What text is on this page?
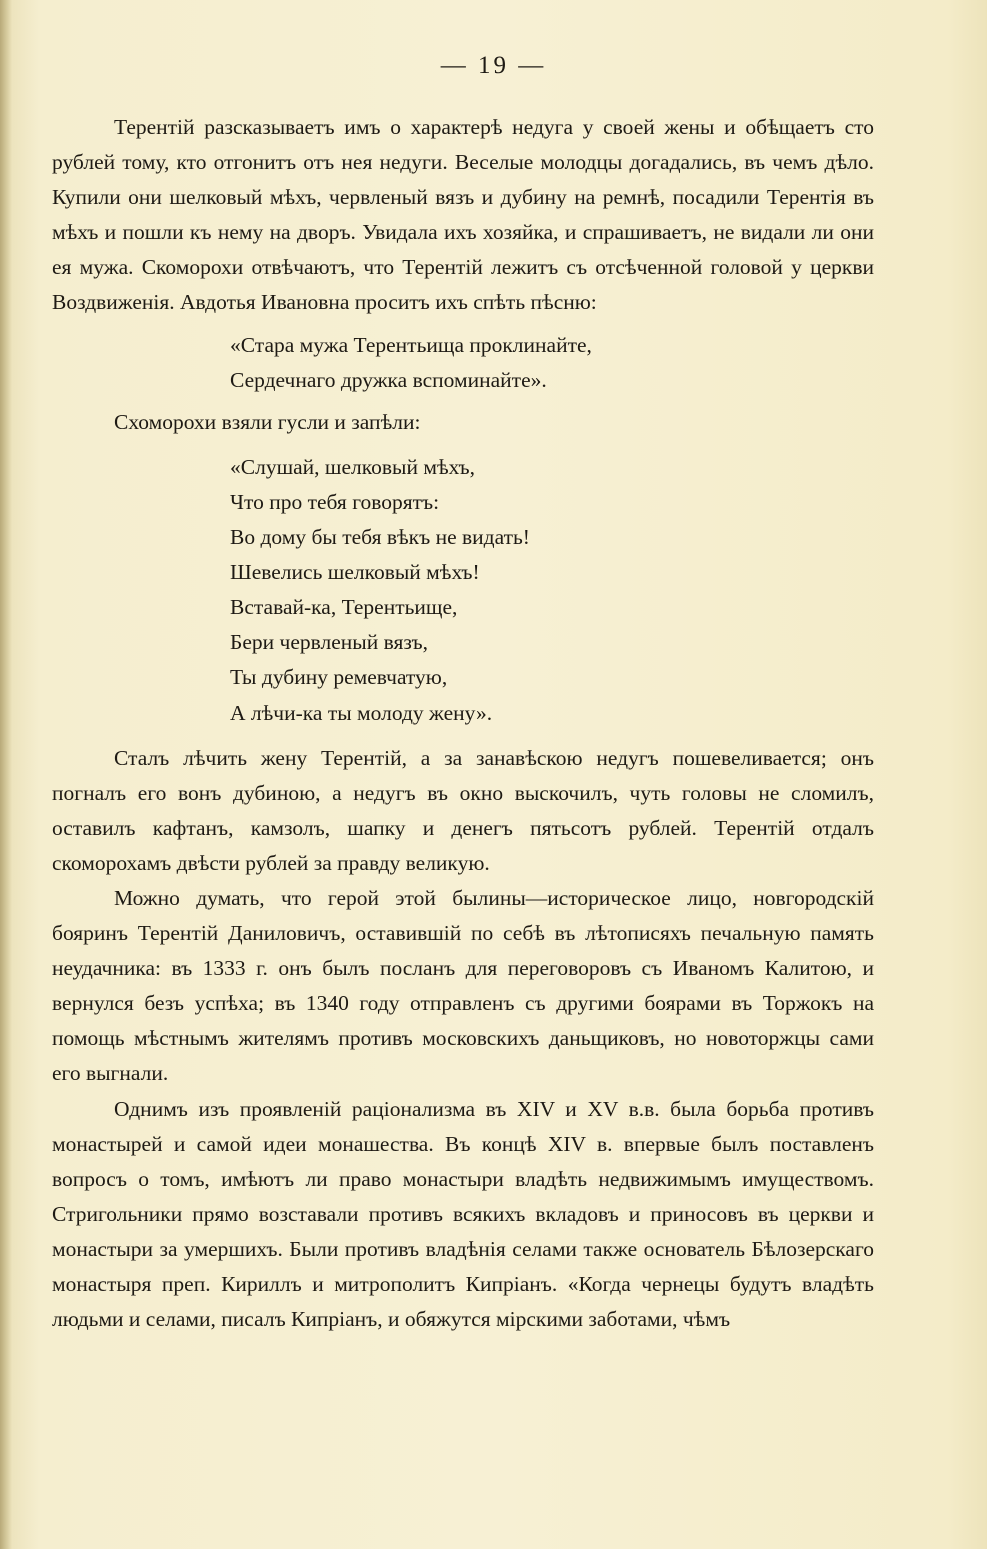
— 19 —

Терентій разсказываетъ имъ о характерѣ недуга у своей жены и обѣщаетъ сто рублей тому, кто отгонитъ отъ нея недуги. Веселые молодцы догадались, въ чемъ дѣло. Купили они шелковый мѣхъ, червленый вязъ и дубину на ремнѣ, посадили Терентія въ мѣхъ и пошли къ нему на дворъ. Увидала ихъ хозяйка, и спрашиваетъ, не видали ли они ея мужа. Скоморохи отвѣчаютъ, что Терентій лежитъ съ отсѣченной головой у церкви Воздвиженія. Авдотья Ивановна проситъ ихъ спѣть пѣсню:

«Стара мужа Терентьища проклинайте,
Сердечнаго дружка вспоминайте».

Схоморохи взяли гусли и запѣли:

«Слушай, шелковый мѣхъ,
Что про тебя говорятъ:
Во дому бы тебя вѣкъ не видать!
Шевелись шелковый мѣхъ!
Вставай-ка, Терентьище,
Бери червленый вязъ,
Ты дубину ремевчатую,
А лѣчи-ка ты молоду жену».

Сталъ лѣчить жену Терентій, а за занавѣскою недугъ пошевеливается; онъ погналъ его вонъ дубиною, а недугъ въ окно выскочилъ, чуть головы не сломилъ, оставилъ кафтанъ, камзолъ, шапку и денегъ пятьсотъ рублей. Терентій отдалъ скоморохамъ двѣсти рублей за правду великую.

Можно думать, что герой этой былины—историческое лицо, новгородскій бояринъ Терентій Даниловичъ, оставившій по себѣ въ лѣтописяхъ печальную память неудачника: въ 1333 г. онъ былъ посланъ для переговоровъ съ Иваномъ Калитою, и вернулся безъ успѣха; въ 1340 году отправленъ съ другими боярами въ Торжокъ на помощь мѣстнымъ жителямъ противъ московскихъ даньщиковъ, но новоторжцы сами его выгнали.

Однимъ изъ проявленій раціонализма въ XIV и XV в.в. была борьба противъ монастырей и самой идеи монашества. Въ концѣ XIV в. впервые былъ поставленъ вопросъ о томъ, имѣютъ ли право монастыри владѣть недвижимымъ имуществомъ. Стригольники прямо возставали противъ всякихъ вкладовъ и приносовъ въ церкви и монастыри за умершихъ. Были противъ владѣнія селами также основатель Бѣлозерскаго монастыря преп. Кириллъ и митрополитъ Кипріанъ. «Когда чернецы будутъ владѣть людьми и селами, писалъ Кипріанъ, и обяжутся мірскими заботами, чѣмъ
